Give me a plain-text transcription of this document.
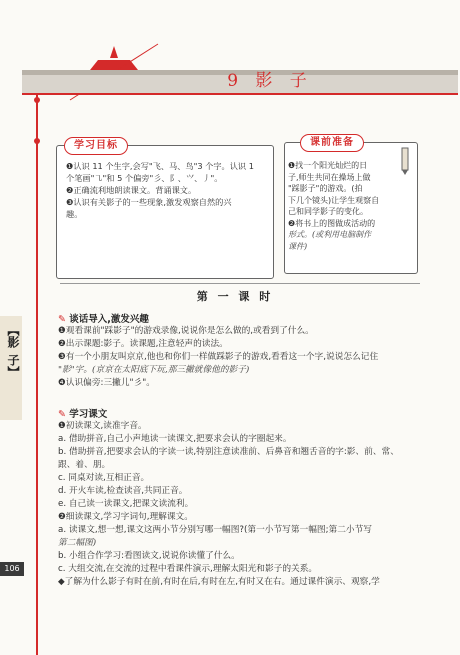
9 影 子
【影
子】
106
学习目标
❶认识 11 个生字,会写"飞、马、鸟"3 个字。认识 1
个笔画"㇈"和 5 个偏旁"彡、⻖、⺍、丿"。
❷正确流利地朗读课文。背诵课文。
❸认识有关影子的一些现象,激发观察自然的兴
趣。
课前准备
❶找一个阳光灿烂的日
子,师生共同在操场上做
"踩影子"的游戏。(拍
下几个镜头)让学生观察自
己和同学影子的变化。
❷将书上的图做成活动的
形式。(或利用电脑制作
课件)
第 一 课 时
✎ 谈话导入,激发兴趣
❶观看课前"踩影子"的游戏录像,说说你是怎么做的,或看到了什么。
❷出示课题:影子。读课题,注意轻声的读法。
❸有一个小朋友叫京京,他也和你们一样做踩影子的游戏,看看这一个字,说说怎么记住
"影"字。(京京在太阳底下玩,那三撇就像他的影子)
❹认识偏旁:三撇儿"彡"。
✎ 学习课文
❶初读课文,读准字音。
a. 借助拼音,自己小声地读一读课文,把要求会认的字圈起来。
b. 借助拼音,把要求会认的字读一读,特别注意读准前、后鼻音和翘舌音的字:影、前、常、
跟、着、朋。
c. 同桌对读,互相正音。
d. 开火车读,检查读音,共同正音。
e. 自己读一读课文,把课文读流利。
❷细读课文,学习字词句,理解课文。
a. 读课文,想一想,课文这两小节分别写哪一幅图?(第一小节写第一幅图;第二小节写
第二幅图)
b. 小组合作学习:看图读文,说说你读懂了什么。
c. 大组交流,在交流的过程中看课件演示,理解太阳光和影子的关系。
◆了解为什么影子有时在前,有时在后,有时在左,有时又在右。通过课件演示、观察,学
